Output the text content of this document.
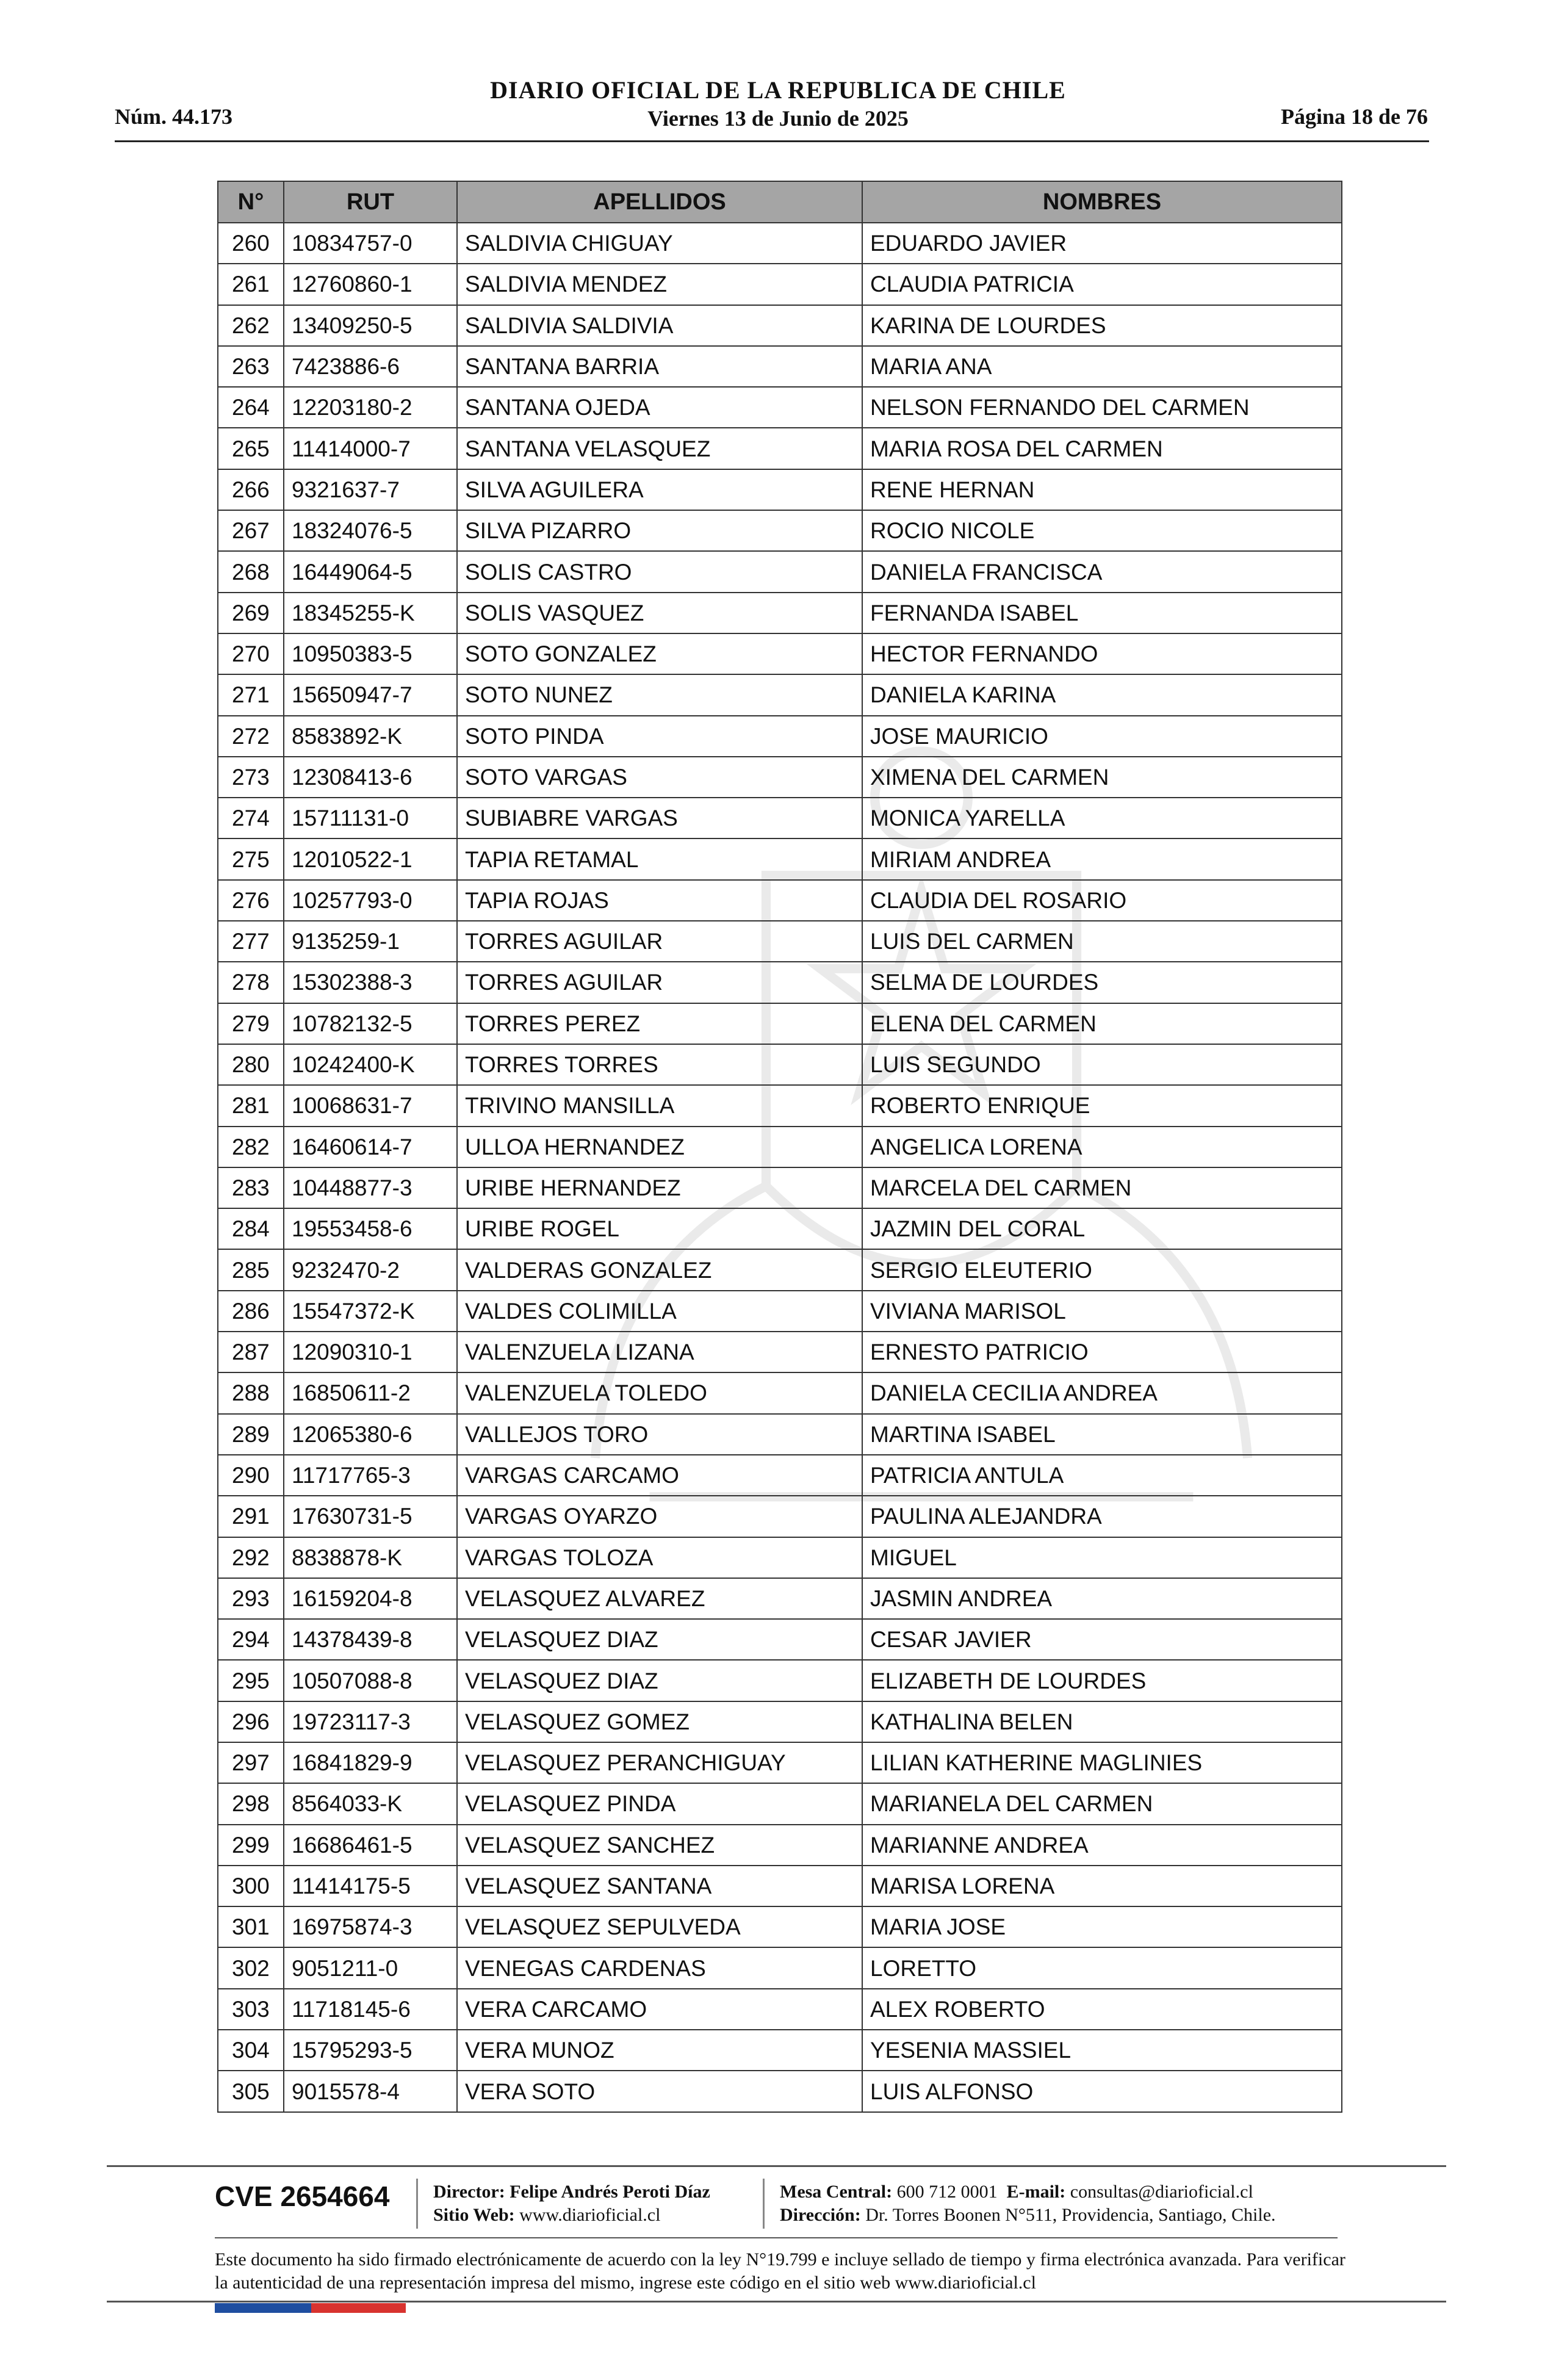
Núm. 44.173
DIARIO OFICIAL DE LA REPUBLICA DE CHILE
Viernes 13 de Junio de 2025	Página 18 de 76
N°	RUT	APELLIDOS	NOMBRES
260	10834757-0	SALDIVIA CHIGUAY	EDUARDO JAVIER
261	12760860-1	SALDIVIA MENDEZ	CLAUDIA PATRICIA
262	13409250-5	SALDIVIA SALDIVIA	KARINA DE LOURDES
263	7423886-6	SANTANA BARRIA	MARIA ANA
264	12203180-2	SANTANA OJEDA	NELSON FERNANDO DEL CARMEN
265	11414000-7	SANTANA VELASQUEZ	MARIA ROSA DEL CARMEN
266	9321637-7	SILVA AGUILERA	RENE HERNAN
267	18324076-5	SILVA PIZARRO	ROCIO NICOLE
268	16449064-5	SOLIS CASTRO	DANIELA FRANCISCA
269	18345255-K	SOLIS VASQUEZ	FERNANDA ISABEL
270	10950383-5	SOTO GONZALEZ	HECTOR FERNANDO
271	15650947-7	SOTO NUNEZ	DANIELA KARINA
272	8583892-K	SOTO PINDA	JOSE MAURICIO
273	12308413-6	SOTO VARGAS	XIMENA DEL CARMEN
274	15711131-0	SUBIABRE VARGAS	MONICA YARELLA
275	12010522-1	TAPIA RETAMAL	MIRIAM ANDREA
276	10257793-0	TAPIA ROJAS	CLAUDIA DEL ROSARIO
277	9135259-1	TORRES AGUILAR	LUIS DEL CARMEN
278	15302388-3	TORRES AGUILAR	SELMA DE LOURDES
279	10782132-5	TORRES PEREZ	ELENA DEL CARMEN
280	10242400-K	TORRES TORRES	LUIS SEGUNDO
281	10068631-7	TRIVINO MANSILLA	ROBERTO ENRIQUE
282	16460614-7	ULLOA HERNANDEZ	ANGELICA LORENA
283	10448877-3	URIBE HERNANDEZ	MARCELA DEL CARMEN
284	19553458-6	URIBE ROGEL	JAZMIN DEL CORAL
285	9232470-2	VALDERAS GONZALEZ	SERGIO ELEUTERIO
286	15547372-K	VALDES COLIMILLA	VIVIANA MARISOL
287	12090310-1	VALENZUELA LIZANA	ERNESTO PATRICIO
288	16850611-2	VALENZUELA TOLEDO	DANIELA CECILIA ANDREA
289	12065380-6	VALLEJOS TORO	MARTINA ISABEL
290	11717765-3	VARGAS CARCAMO	PATRICIA ANTULA
291	17630731-5	VARGAS OYARZO	PAULINA ALEJANDRA
292	8838878-K	VARGAS TOLOZA	MIGUEL
293	16159204-8	VELASQUEZ ALVAREZ	JASMIN ANDREA
294	14378439-8	VELASQUEZ DIAZ	CESAR JAVIER
295	10507088-8	VELASQUEZ DIAZ	ELIZABETH DE LOURDES
296	19723117-3	VELASQUEZ GOMEZ	KATHALINA BELEN
297	16841829-9	VELASQUEZ PERANCHIGUAY	LILIAN KATHERINE MAGLINIES
298	8564033-K	VELASQUEZ PINDA	MARIANELA DEL CARMEN
299	16686461-5	VELASQUEZ SANCHEZ	MARIANNE ANDREA
300	11414175-5	VELASQUEZ SANTANA	MARISA LORENA
301	16975874-3	VELASQUEZ SEPULVEDA	MARIA JOSE
302	9051211-0	VENEGAS CARDENAS	LORETTO
303	11718145-6	VERA CARCAMO	ALEX ROBERTO
304	15795293-5	VERA MUNOZ	YESENIA MASSIEL
305	9015578-4	VERA SOTO	LUIS ALFONSO
CVE 2654664 Director: Felipe Andrés Peroti Díaz
Sitio Web: www.diarioficial.cl
Mesa Central: 600 712 0001 E-mail: consultas@diarioficial.cl
Dirección: Dr. Torres Boonen N°511, Providencia, Santiago, Chile.
Este documento ha sido firmado electrónicamente de acuerdo con la ley N°19.799 e incluye sellado de tiempo y firma electrónica avanzada. Para verificar la autenticidad de una representación impresa del mismo, ingrese este código en el sitio web www.diarioficial.cl
